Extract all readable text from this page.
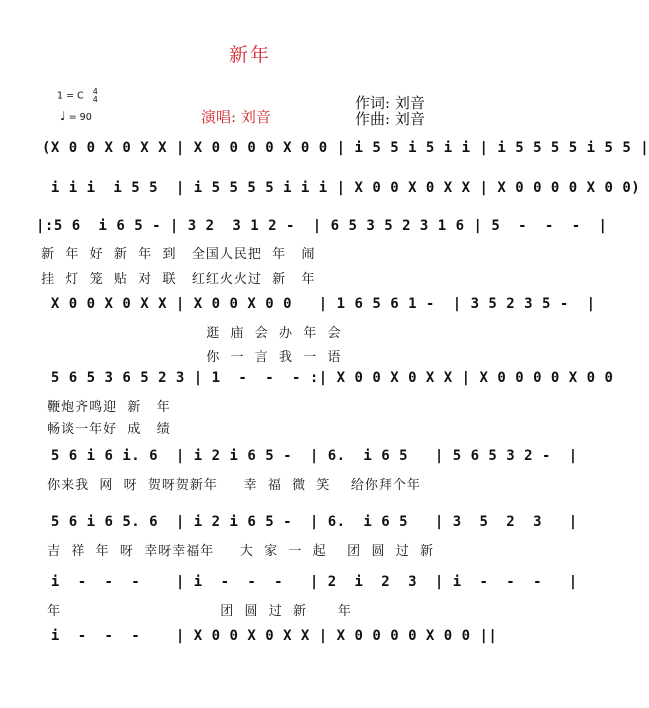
新年
1 = C 4
4
♩ = 90	演唱: 刘音
作词: 刘音
作曲: 刘音
(X 0 0 X 0 X X | X 0 0 0 0 X 0 0 | i 5 5 i 5 i i | i 5 5 5 5 i 5 5 |
i i i  i 5 5  | i 5 5 5 5 i i i | X 0 0 X 0 X X | X 0 0 0 0 X 0 0)
|:5 6  i 6 5 - | 3 2  3 1 2 -  | 6 5 3 5 2 3 1 6 | 5  -  -  -  |
新  年  好  新  年  到   全国人民把  年   闹
挂  灯  笼  贴  对  联   红红火火过  新   年
X 0 0 X 0 X X | X 0 0 X 0 0   | 1 6 5 6 1 -  | 3 5 2 3 5 -  |
逛  庙  会  办  年  会
你  一  言  我  一  语
5 6 5 3 6 5 2 3 | 1  -  -  - :| X 0 0 X 0 X X | X 0 0 0 0 X 0 0
鞭炮齐鸣迎  新   年
畅谈一年好  成   绩
5 6 i 6 i. 6  | i 2 i 6 5 -  | 6.  i 6 5   | 5 6 5 3 2 -  |
你来我  网  呀  贺呀贺新年     幸  福  微  笑    给你拜个年
5 6 i 6 5. 6  | i 2 i 6 5 -  | 6.  i 6 5   | 3  5  2  3   |
吉  祥  年  呀  幸呀幸福年     大  家  一  起    团  圆  过  新
i  -  -  -    | i  -  -  -   | 2  i  2  3  | i  -  -  -   |
年                               团  圆  过  新      年
i  -  -  -    | X 0 0 X 0 X X | X 0 0 0 0 X 0 0 ||
